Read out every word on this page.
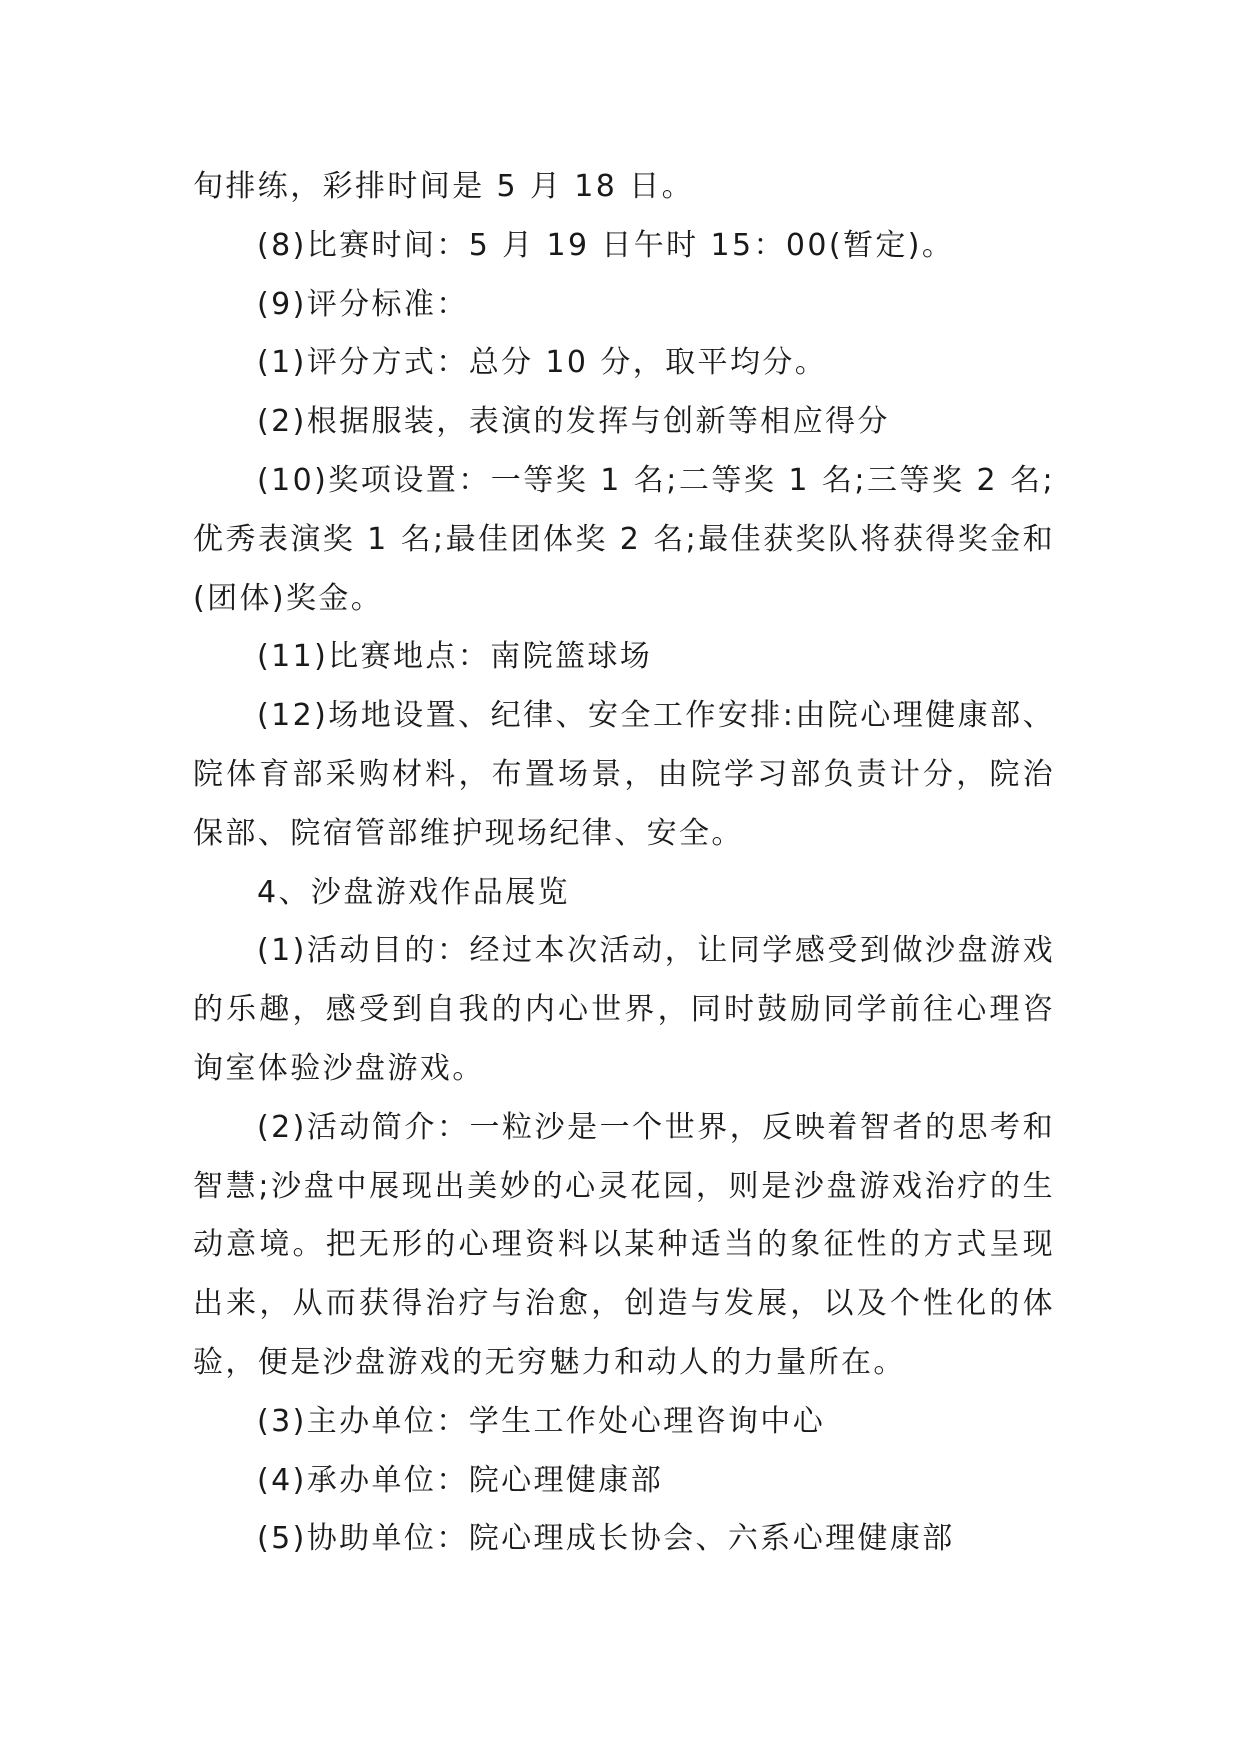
旬排练，彩排时间是 5 月 18 日。

(8)比赛时间：5 月 19 日午时 15：00(暂定)。

(9)评分标准：

(1)评分方式：总分 10 分，取平均分。

(2)根据服装，表演的发挥与创新等相应得分

(10)奖项设置：一等奖 1 名;二等奖 1 名;三等奖 2 名;优秀表演奖 1 名;最佳团体奖 2 名;最佳获奖队将获得奖金和(团体)奖金。

(11)比赛地点：南院篮球场

(12)场地设置、纪律、安全工作安排:由院心理健康部、院体育部采购材料，布置场景，由院学习部负责计分，院治保部、院宿管部维护现场纪律、安全。

4、沙盘游戏作品展览

(1)活动目的：经过本次活动，让同学感受到做沙盘游戏的乐趣，感受到自我的内心世界，同时鼓励同学前往心理咨询室体验沙盘游戏。

(2)活动简介：一粒沙是一个世界，反映着智者的思考和智慧;沙盘中展现出美妙的心灵花园，则是沙盘游戏治疗的生动意境。把无形的心理资料以某种适当的象征性的方式呈现出来，从而获得治疗与治愈，创造与发展，以及个性化的体验，便是沙盘游戏的无穷魅力和动人的力量所在。

(3)主办单位：学生工作处心理咨询中心

(4)承办单位：院心理健康部

(5)协助单位：院心理成长协会、六系心理健康部
